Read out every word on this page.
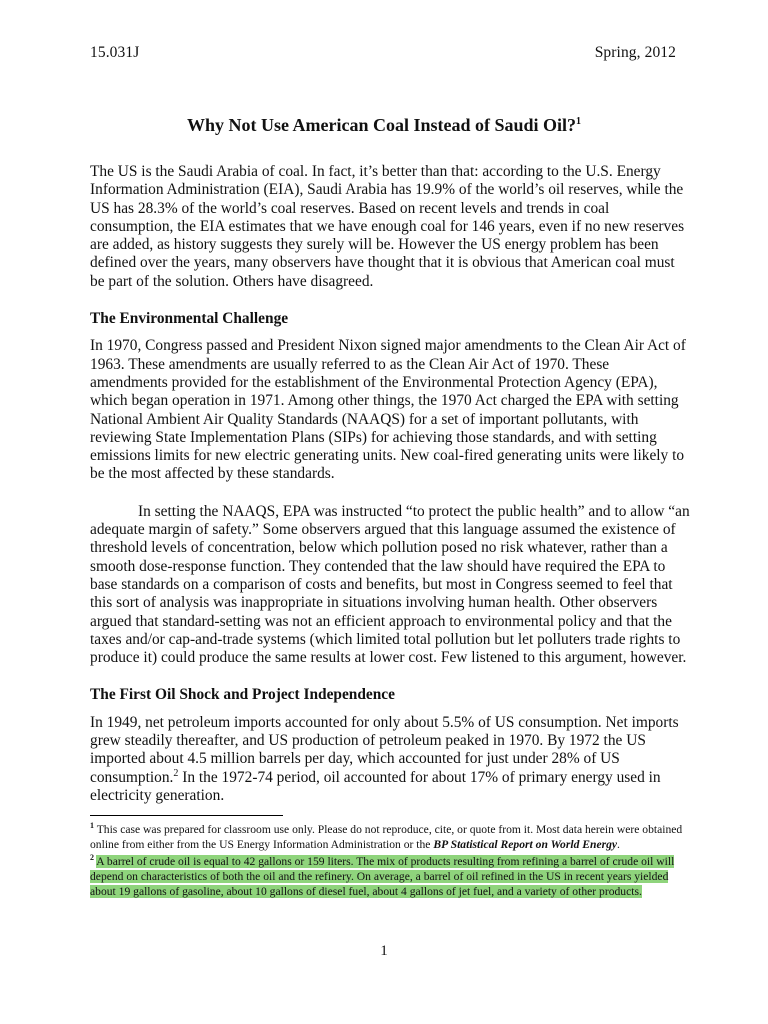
15.031J	Spring, 2012
Why Not Use American Coal Instead of Saudi Oil?$^1$

The US is the Saudi Arabia of coal. In fact, it’s better than that: according to the U.S. Energy Information Administration (EIA), Saudi Arabia has 19.9% of the world’s oil reserves, while the US has 28.3% of the world’s coal reserves. Based on recent levels and trends in coal consumption, the EIA estimates that we have enough coal for 146 years, even if no new reserves are added, as history suggests they surely will be. However the US energy problem has been defined over the years, many observers have thought that it is obvious that American coal must be part of the solution. Others have disagreed.

The Environmental Challenge

In 1970, Congress passed and President Nixon signed major amendments to the Clean Air Act of 1963. These amendments are usually referred to as the Clean Air Act of 1970. These amendments provided for the establishment of the Environmental Protection Agency (EPA), which began operation in 1971. Among other things, the 1970 Act charged the EPA with setting National Ambient Air Quality Standards (NAAQS) for a set of important pollutants, with reviewing State Implementation Plans (SIPs) for achieving those standards, and with setting emissions limits for new electric generating units. New coal-fired generating units were likely to be the most affected by these standards.

In setting the NAAQS, EPA was instructed “to protect the public health” and to allow “an adequate margin of safety.” Some observers argued that this language assumed the existence of threshold levels of concentration, below which pollution posed no risk whatever, rather than a smooth dose-response function. They contended that the law should have required the EPA to base standards on a comparison of costs and benefits, but most in Congress seemed to feel that this sort of analysis was inappropriate in situations involving human health. Other observers argued that standard-setting was not an efficient approach to environmental policy and that the taxes and/or cap-and-trade systems (which limited total pollution but let polluters trade rights to produce it) could produce the same results at lower cost. Few listened to this argument, however.

The First Oil Shock and Project Independence

In 1949, net petroleum imports accounted for only about 5.5% of US consumption. Net imports grew steadily thereafter, and US production of petroleum peaked in 1970. By 1972 the US imported about 4.5 million barrels per day, which accounted for just under 28% of US consumption.$^2$ In the 1972-74 period, oil accounted for about 17% of primary energy used in electricity generation.

$^1$ This case was prepared for classroom use only. Please do not reproduce, cite, or quote from it. Most data herein were obtained online from either from the US Energy Information Administration or the BP Statistical Report on World Energy.
$^2$ A barrel of crude oil is equal to 42 gallons or 159 liters. The mix of products resulting from refining a barrel of crude oil will depend on characteristics of both the oil and the refinery. On average, a barrel of oil refined in the US in recent years yielded about 19 gallons of gasoline, about 10 gallons of diesel fuel, about 4 gallons of jet fuel, and a variety of other products.
1
